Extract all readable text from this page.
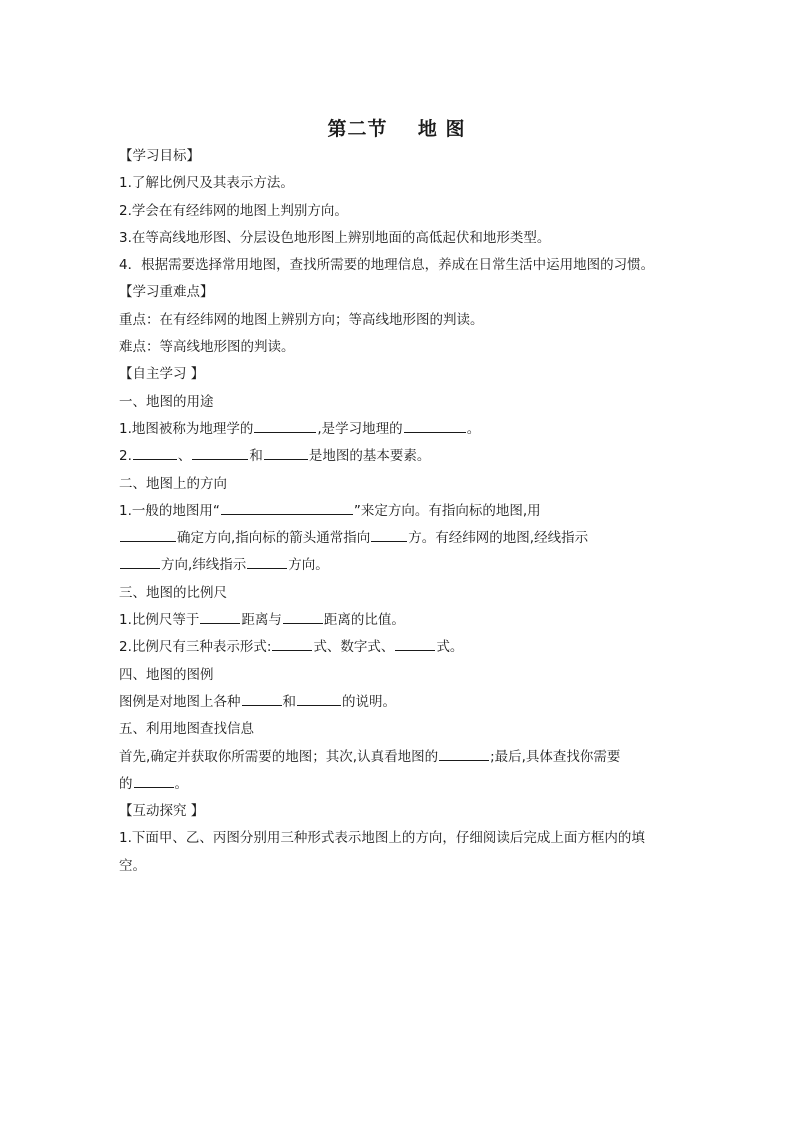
第二节    地 图
【学习目标】
1.了解比例尺及其表示方法。
2.学会在有经纬网的地图上判别方向。
3.在等高线地形图、分层设色地形图上辨别地面的高低起伏和地形类型。
4．根据需要选择常用地图，查找所需要的地理信息，养成在日常生活中运用地图的习惯。
【学习重难点】
重点：在有经纬网的地图上辨别方向；等高线地形图的判读。
难点：等高线地形图的判读。
【自主学习 】
一、地图的用途
1.地图被称为地理学的	,是学习地理的	。
2.	、	和	是地图的基本要素。
二、地图上的方向
1.一般的地图用“	”来定方向。有指向标的地图,用
确定方向,指向标的箭头通常指向	方。有经纬网的地图,经线指示
方向,纬线指示	方向。
三、地图的比例尺
1.比例尺等于	距离与	距离的比值。
2.比例尺有三种表示形式:	式、数字式、	式。
四、地图的图例
图例是对地图上各种	和	的说明。
五、利用地图查找信息
首先,确定并获取你所需要的地图；其次,认真看地图的	;最后,具体查找你需要
的	。
【互动探究 】
1.下面甲、乙、丙图分别用三种形式表示地图上的方向，仔细阅读后完成上面方框内的填
空。
